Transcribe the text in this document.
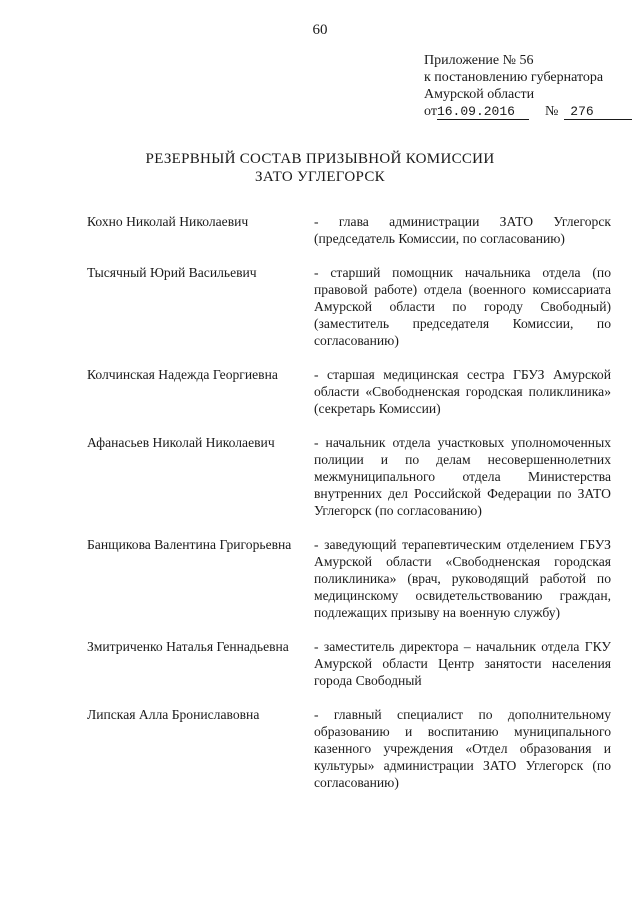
60
Приложение № 56
к постановлению губернатора
Амурской области
от16.09.2016 № 276
РЕЗЕРВНЫЙ СОСТАВ ПРИЗЫВНОЙ КОМИССИИ
ЗАТО УГЛЕГОРСК
Кохно Николай Николаевич	- глава администрации ЗАТО Углегорск (председатель Комиссии, по согласованию)
Тысячный Юрий Васильевич	- старший помощник начальника отдела (по правовой работе) отдела (военного комиссариата Амурской области по городу Свободный) (заместитель председателя Комиссии, по согласованию)
Колчинская Надежда Георгиевна	- старшая медицинская сестра ГБУЗ Амурской области «Свободненская городская поликлиника» (секретарь Комиссии)
Афанасьев Николай Николаевич	- начальник отдела участковых уполномоченных полиции и по делам несовершеннолетних межмуниципального отдела Министерства внутренних дел Российской Федерации по ЗАТО Углегорск (по согласованию)
Банщикова Валентина Григорьевна	- заведующий терапевтическим отделением ГБУЗ Амурской области «Свободненская городская поликлиника» (врач, руководящий работой по медицинскому освидетельствованию граждан, подлежащих призыву на военную службу)
Змитриченко Наталья Геннадьевна	- заместитель директора – начальник отдела ГКУ Амурской области Центр занятости населения города Свободный
Липская Алла Брониславовна	- главный специалист по дополнительному образованию и воспитанию муниципального казенного учреждения «Отдел образования и культуры» администрации ЗАТО Углегорск (по согласованию)
